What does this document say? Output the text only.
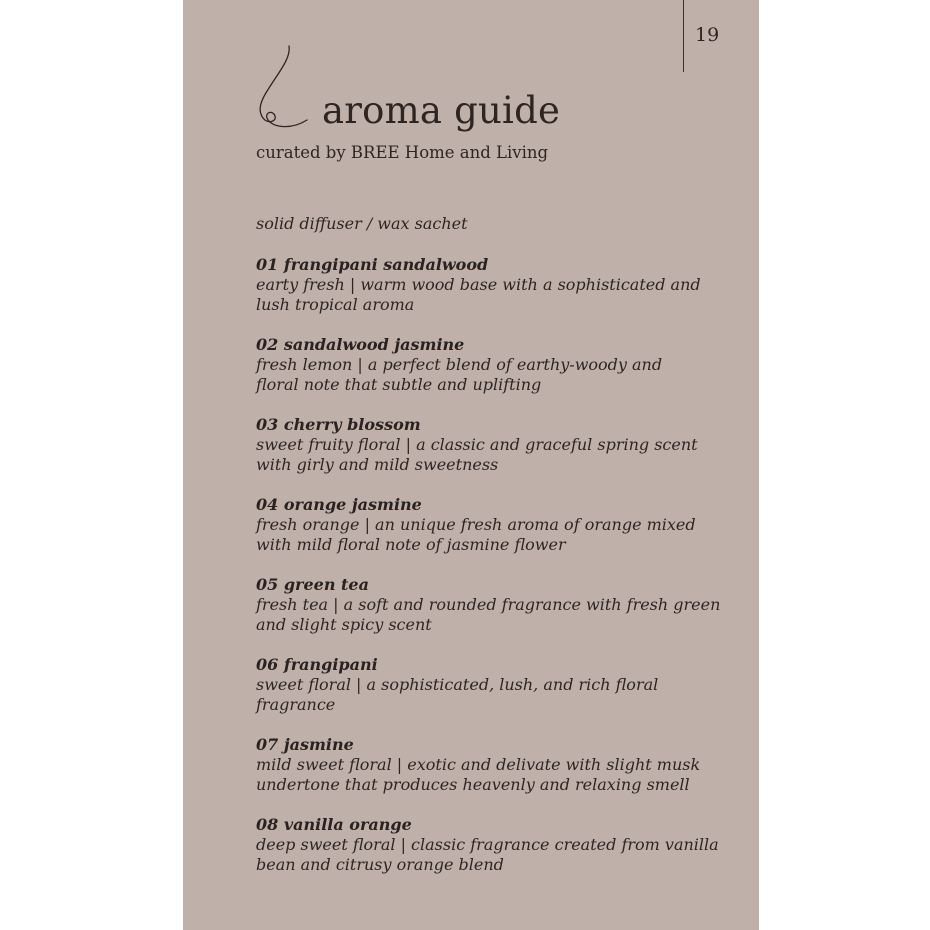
19
aroma guide
curated by BREE Home and Living
solid diffuser / wax sachet
01 frangipani sandalwood
earty fresh | warm wood base with a sophisticated and
lush tropical aroma
02 sandalwood jasmine
fresh lemon | a perfect blend of earthy-woody and
floral note that subtle and uplifting
03 cherry blossom
sweet fruity floral | a classic and graceful spring scent
with girly and mild sweetness
04 orange jasmine
fresh orange | an unique fresh aroma of orange mixed
with mild floral note of jasmine flower
05 green tea
fresh tea | a soft and rounded fragrance with fresh green
and slight spicy scent
06 frangipani
sweet floral | a sophisticated, lush, and rich floral
fragrance
07 jasmine
mild sweet floral | exotic and delivate with slight musk
undertone that produces heavenly and relaxing smell
08 vanilla orange
deep sweet floral | classic fragrance created from vanilla
bean and citrusy orange blend
